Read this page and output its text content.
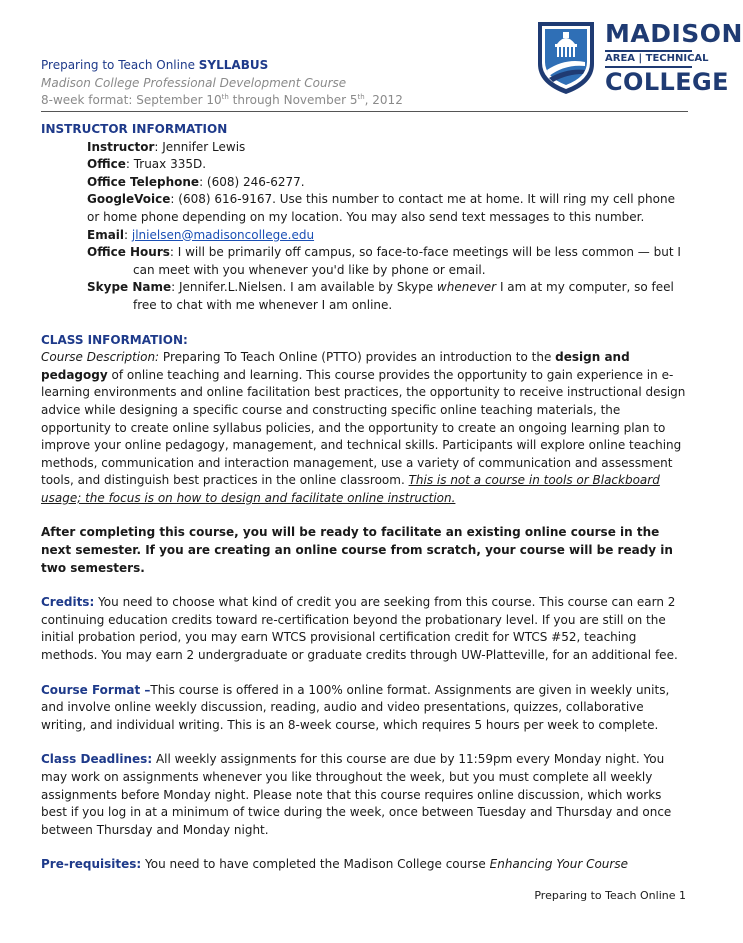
Preparing to Teach Online SYLLABUS
Madison College Professional Development Course
8-week format: September 10th through November 5th, 2012
MADISON
AREA | TECHNICAL
COLLEGE
INSTRUCTOR INFORMATION
Instructor: Jennifer Lewis
Office: Truax 335D.
Office Telephone: (608) 246-6277.
GoogleVoice: (608) 616-9167. Use this number to contact me at home. It will ring my cell phone or home phone depending on my location. You may also send text messages to this number.
Email: jlnielsen@madisoncollege.edu
Office Hours: I will be primarily off campus, so face-to-face meetings will be less common — but I can meet with you whenever you'd like by phone or email.
Skype Name: Jennifer.L.Nielsen. I am available by Skype whenever I am at my computer, so feel free to chat with me whenever I am online.
CLASS INFORMATION:
Course Description: Preparing To Teach Online (PTTO) provides an introduction to the design and pedagogy of online teaching and learning. This course provides the opportunity to gain experience in e-learning environments and online facilitation best practices, the opportunity to receive instructional design advice while designing a specific course and constructing specific online teaching materials, the opportunity to create online syllabus policies, and the opportunity to create an ongoing learning plan to improve your online pedagogy, management, and technical skills. Participants will explore online teaching methods, communication and interaction management, use a variety of communication and assessment tools, and distinguish best practices in the online classroom. This is not a course in tools or Blackboard usage; the focus is on how to design and facilitate online instruction.
After completing this course, you will be ready to facilitate an existing online course in the next semester. If you are creating an online course from scratch, your course will be ready in two semesters.
Credits: You need to choose what kind of credit you are seeking from this course. This course can earn 2 continuing education credits toward re-certification beyond the probationary level. If you are still on the initial probation period, you may earn WTCS provisional certification credit for WTCS #52, teaching methods. You may earn 2 undergraduate or graduate credits through UW-Platteville, for an additional fee.
Course Format –This course is offered in a 100% online format. Assignments are given in weekly units, and involve online weekly discussion, reading, audio and video presentations, quizzes, collaborative writing, and individual writing. This is an 8-week course, which requires 5 hours per week to complete.
Class Deadlines: All weekly assignments for this course are due by 11:59pm every Monday night. You may work on assignments whenever you like throughout the week, but you must complete all weekly assignments before Monday night. Please note that this course requires online discussion, which works best if you log in at a minimum of twice during the week, once between Tuesday and Thursday and once between Thursday and Monday night.
Pre-requisites: You need to have completed the Madison College course Enhancing Your Course
Preparing to Teach Online 1
